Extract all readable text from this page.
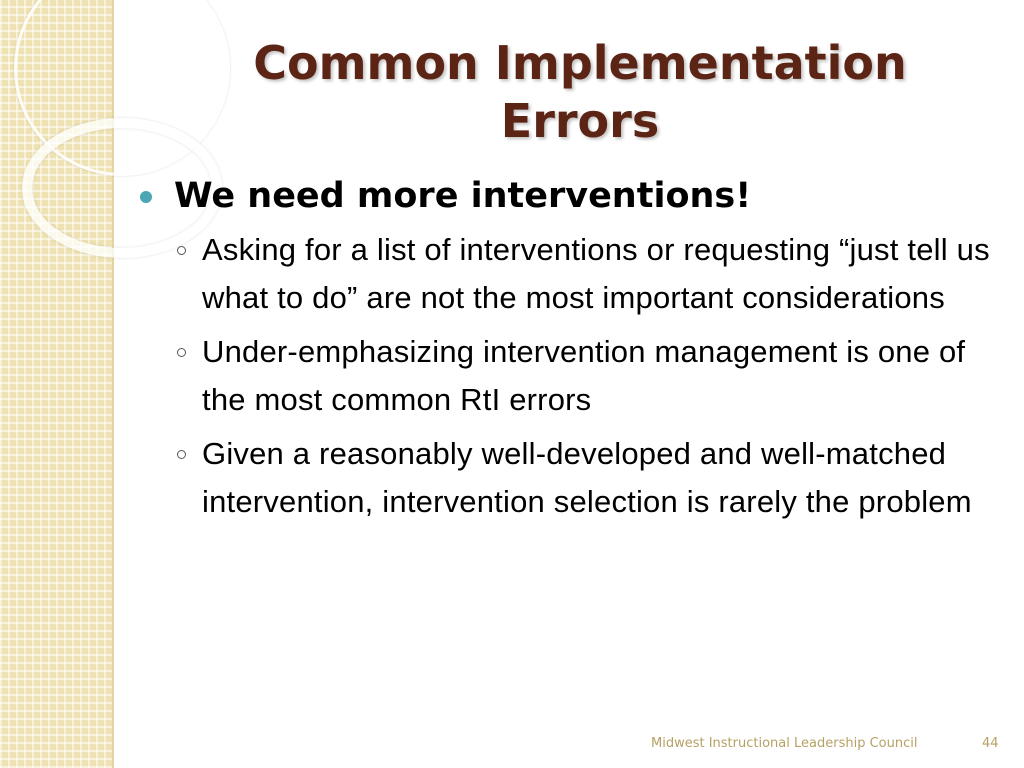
Common Implementation
Errors
We need more interventions!
Asking for a list of interventions or requesting “just tell us what to do” are not the most important considerations
Under-emphasizing intervention management is one of the most common RtI errors
Given a reasonably well-developed and well-matched intervention, intervention selection is rarely the problem
Midwest Instructional Leadership Council	44
